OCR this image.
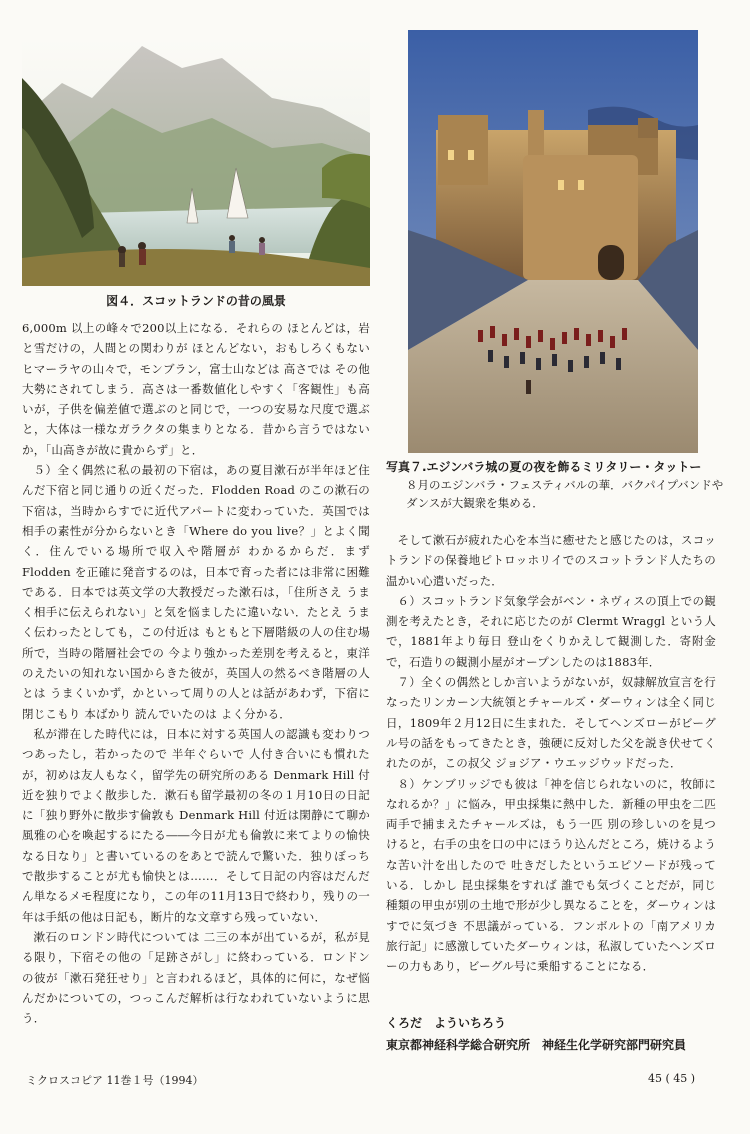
図４．スコットランドの昔の風景
写真７.エジンバラ城の夏の夜を飾るミリタリー・タットー
８月のエジンバラ・フェスティバルの華．バクパイプバンドやダンスが大観衆を集める．

6,000m 以上の峰々で200以上になる．それらの ほとんどは，岩と雪だけの，人間との関わりが ほとんどない，おもしろくもないヒマーラヤの山々で，モンブラン，富士山などは 高さでは その他大勢にされてしまう．高さは一番数値化しやすく「客観性」も高いが，子供を偏差値で選ぶのと同じで，一つの安易な尺度で選ぶと，大体は一様なガラクタの集まりとなる．昔から言うではないか，「山高きが故に貴からず」と．

５）全く偶然に私の最初の下宿は，あの夏目漱石が半年ほど住んだ下宿と同じ通りの近くだった．Flodden Road のこの漱石の下宿は，当時からすでに近代アパートに変わっていた．英国では相手の素性が分からないとき「Where do you live？」とよく聞く．住んでいる場所で収入や階層が わかるからだ．まず Flodden を正確に発音するのは，日本で育った者には非常に困難である．日本では英文学の大教授だった漱石は，「住所さえ うまく相手に伝えられない」と気を悩ましたに違いない．たとえ うまく伝わったとしても，この付近は もともと下層階級の人の住む場所で，当時の階層社会での 今より強かった差別を考えると，東洋のえたいの知れない国からきた彼が，英国人の然るべき階層の人とは うまくいかず，かといって周りの人とは話があわず，下宿に閉じこもり 本ばかり 読んでいたのは よく分かる．

私が滞在した時代には，日本に対する英国人の認識も変わりつつあったし，若かったので 半年ぐらいで 人付き合いにも慣れたが，初めは友人もなく，留学先の研究所のある Denmark Hill 付近を独りでよく散歩した．漱石も留学最初の冬の１月10日の日記に「独り野外に散歩す倫敦も Denmark Hill 付近は閑静にて聊か風雅の心を喚起するにたる――今日が尤も倫敦に来てよりの愉快なる日なり」と書いているのをあとで読んで驚いた．独りぼっちで散歩することが尤も愉快とは……．そして日記の内容はだんだん単なるメモ程度になり，この年の11月13日で終わり，残りの一年は手紙の他は日記も，断片的な文章すら残っていない．

漱石のロンドン時代については 二三の本が出ているが，私が見る限り，下宿その他の「足跡さがし」に終わっている．ロンドンの彼が「漱石発狂せり」と言われるほど，具体的に何に，なぜ悩んだかについての，つっこんだ解析は行なわれていないように思う．

そして漱石が疲れた心を本当に癒せたと感じたのは，スコットランドの保養地ピトロッホリイでのスコットランド人たちの温かい心遣いだった．

６）スコットランド気象学会がベン・ネヴィスの頂上での観測を考えたとき，それに応じたのが Clermt Wraggl という人で，1881年より毎日 登山をくりかえして観測した．寄附金で，石造りの観測小屋がオープンしたのは1883年．

７）全くの偶然としか言いようがないが，奴隷解放宣言を行なったリンカーン大統領とチャールズ・ダーウィンは全く同じ日，1809年２月12日に生まれた．そしてヘンズローがビーグル号の話をもってきたとき，強硬に反対した父を説き伏せてくれたのが，この叔父 ジョジア・ウエッジウッドだった．

８）ケンブリッジでも彼は「神を信じられないのに，牧師になれるか？」に悩み，甲虫採集に熱中した．新種の甲虫を二匹 両手で捕まえたチャールズは，もう一匹 別の珍しいのを見つけると，右手の虫を口の中にほうり込んだところ，焼けるような苦い汁を出したので 吐きだしたというエピソードが残っている．しかし 昆虫採集をすれば 誰でも気づくことだが，同じ種類の甲虫が別の土地で形が少し異なることを，ダーウィンは すでに気づき 不思議がっている．フンボルトの「南アメリカ旅行記」に感激していたダーウィンは，私淑していたヘンズローの力もあり，ビーグル号に乗船することになる．

くろだ　よういちろう
東京都神経科学総合研究所　神経生化学研究部門研究員
ミクロスコピア 11巻１号（1994）	45 ( 45 )
